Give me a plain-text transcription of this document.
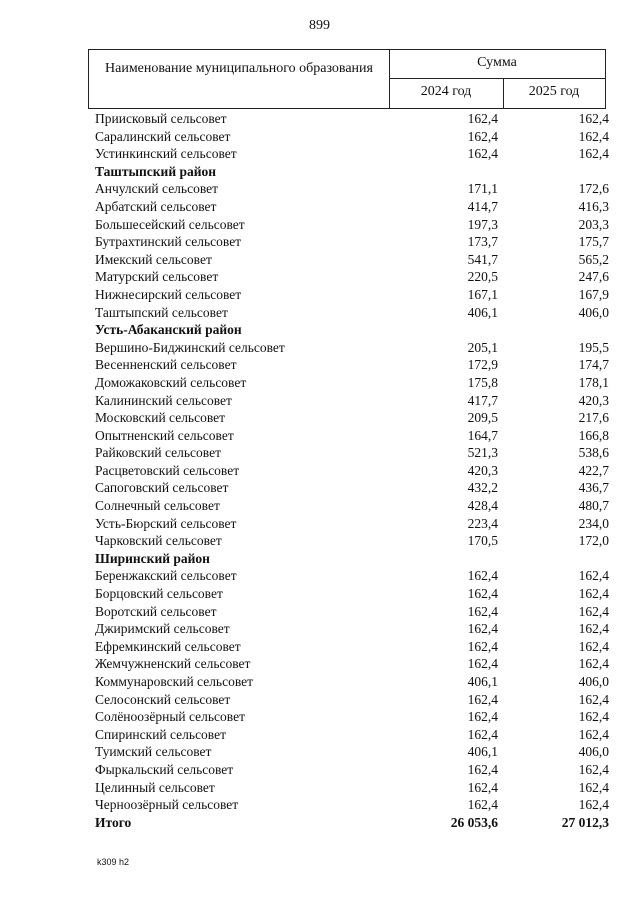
899
Наименование муниципального образования	Сумма
2024 год	2025 год
Приисковый сельсовет	162,4	162,4
Саралинский сельсовет	162,4	162,4
Устинкинский сельсовет	162,4	162,4
Таштыпский район
Анчулский сельсовет	171,1	172,6
Арбатский сельсовет	414,7	416,3
Большесейский сельсовет	197,3	203,3
Бутрахтинский сельсовет	173,7	175,7
Имекский сельсовет	541,7	565,2
Матурский сельсовет	220,5	247,6
Нижнесирский сельсовет	167,1	167,9
Таштыпский сельсовет	406,1	406,0
Усть-Абаканский район
Вершино-Биджинский сельсовет	205,1	195,5
Весенненский сельсовет	172,9	174,7
Доможаковский сельсовет	175,8	178,1
Калининский сельсовет	417,7	420,3
Московский сельсовет	209,5	217,6
Опытненский сельсовет	164,7	166,8
Райковский сельсовет	521,3	538,6
Расцветовский сельсовет	420,3	422,7
Сапоговский сельсовет	432,2	436,7
Солнечный сельсовет	428,4	480,7
Усть-Бюрский сельсовет	223,4	234,0
Чарковский сельсовет	170,5	172,0
Ширинский район
Беренжакский сельсовет	162,4	162,4
Борцовский сельсовет	162,4	162,4
Воротский сельсовет	162,4	162,4
Джиримский сельсовет	162,4	162,4
Ефремкинский сельсовет	162,4	162,4
Жемчужненский сельсовет	162,4	162,4
Коммунаровский сельсовет	406,1	406,0
Селосонский сельсовет	162,4	162,4
Солёноозёрный сельсовет	162,4	162,4
Спиринский сельсовет	162,4	162,4
Туимский сельсовет	406,1	406,0
Фыркальский сельсовет	162,4	162,4
Целинный сельсовет	162,4	162,4
Черноозёрный сельсовет	162,4	162,4
Итого	26 053,6	27 012,3
k309 h2
